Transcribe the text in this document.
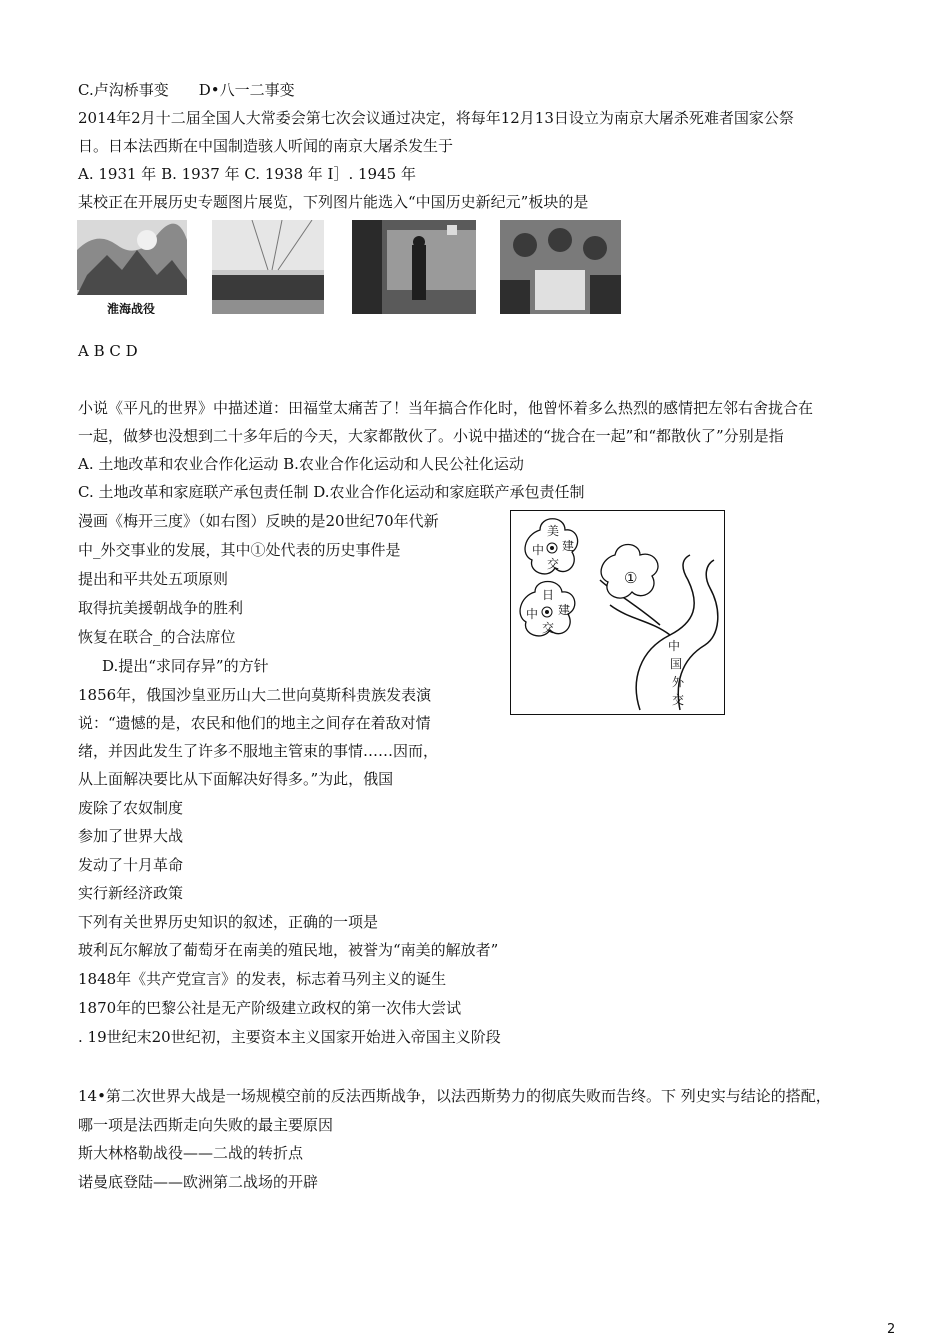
C.卢沟桥事变　　D•八一二事变
2014年2月十二届全国人大常委会第七次会议通过决定，将每年12月13日设立为南京大屠杀死难者国家公祭
日。日本法西斯在中国制造骇人听闻的南京大屠杀发生于
A. 1931 年 B. 1937 年 C. 1938 年 I］. 1945 年
某校正在开展历史专题图片展览，下列图片能选入“中国历史新纪元”板块的是
淮海战役
A B C D
小说《平凡的世界》中描述道：田福堂太痛苦了！当年搞合作化时，他曾怀着多么热烈的感情把左邻右舍拢合在
一起，做梦也没想到二十多年后的今天，大家都散伙了。小说中描述的“拢合在一起”和“都散伙了”分别是指
A. 土地改革和农业合作化运动 B.农业合作化运动和人民公社化运动
C. 土地改革和家庭联产承包责任制 D.农业合作化运动和家庭联产承包责任制
漫画《梅开三度》（如右图）反映的是20世纪70年代新
中_外交事业的发展，其中①处代表的历史事件是
提出和平共处五项原则
取得抗美援朝战争的胜利
恢复在联合_的合法席位
D.提出“求同存异”的方针
1856年，俄国沙皇亚历山大二世向莫斯科贵族发表演
说：“遗憾的是，农民和他们的地主之间存在着敌对情
绪，并因此发生了许多不服地主管束的事情……因而，
从上面解决要比从下面解决好得多。”为此，俄国
废除了农奴制度
参加了世界大战
发动了十月革命
实行新经济政策
下列有关世界历史知识的叙述，正确的一项是
玻利瓦尔解放了葡萄牙在南美的殖民地，被誉为“南美的解放者”
1848年《共产党宣言》的发表，标志着马列主义的诞生
1870年的巴黎公社是无产阶级建立政权的第一次伟大尝试
. 19世纪末20世纪初，主要资本主义国家开始进入帝国主义阶段
14•第二次世界大战是一场规模空前的反法西斯战争，以法西斯势力的彻底失败而告终。下 列史实与结论的搭配，
哪一项是法西斯走向失败的最主要原因
斯大林格勒战役——二战的转折点
诺曼底登陆——欧洲第二战场的开辟
①
美
建
中
交
日
建
中
交
中
国
外
交
2
